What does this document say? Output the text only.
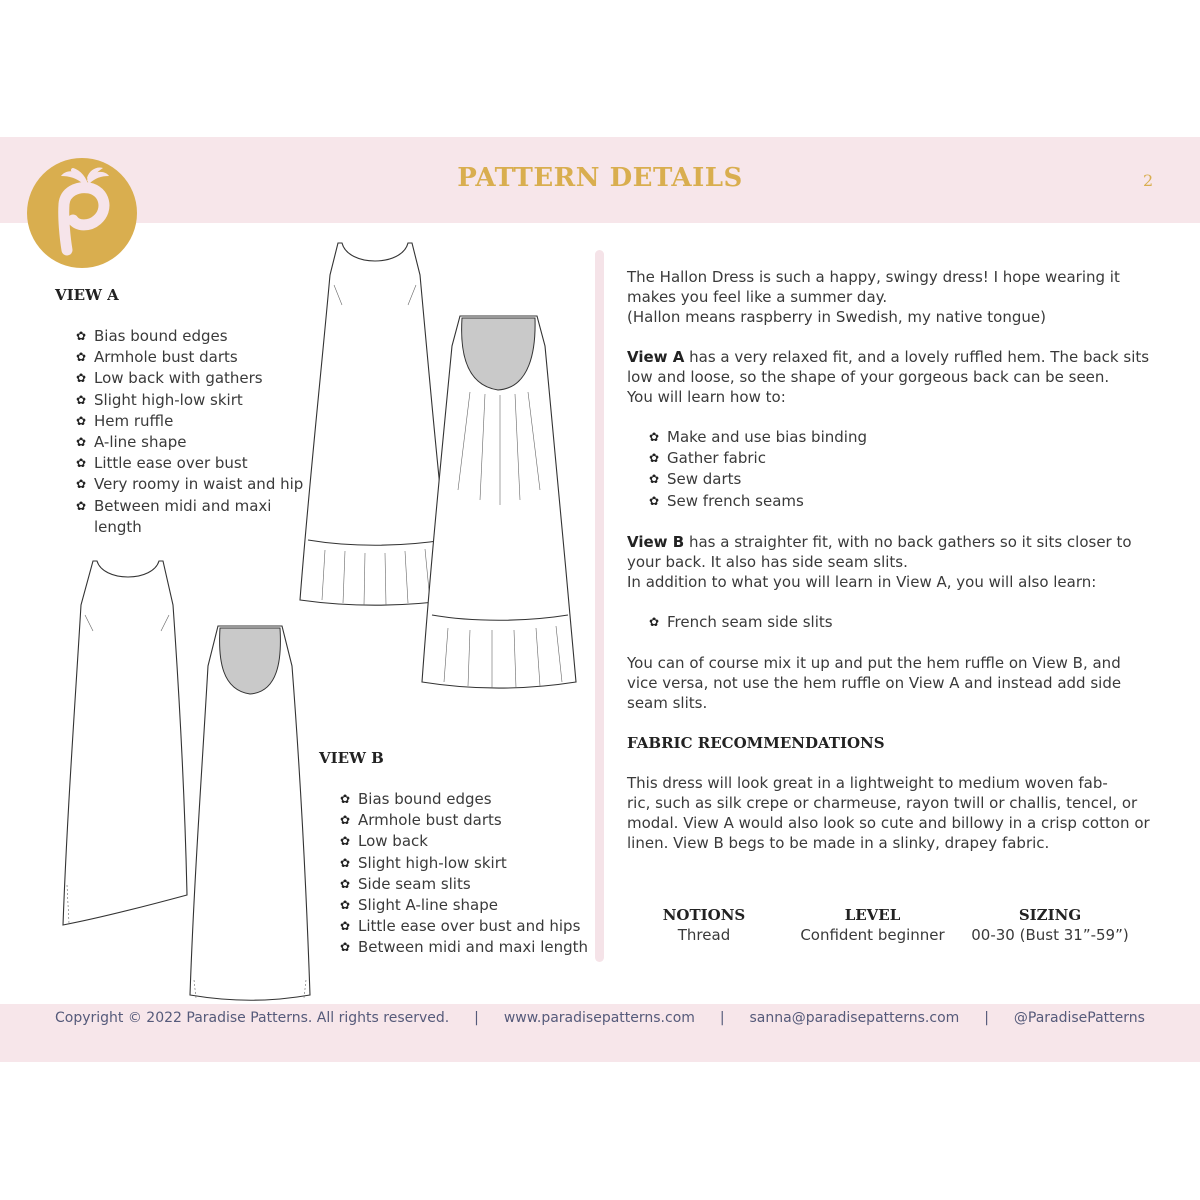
PATTERN DETAILS	2
VIEW A
✿ Bias bound edges
✿ Armhole bust darts
✿ Low back with gathers
✿ Slight high-low skirt
✿ Hem ruffle
✿ A-line shape
✿ Little ease over bust
✿ Very roomy in waist and hip
✿ Between midi and maxi length
VIEW B
✿ Bias bound edges
✿ Armhole bust darts
✿ Low back
✿ Slight high-low skirt
✿ Side seam slits
✿ Slight A-line shape
✿ Little ease over bust and hips
✿ Between midi and maxi length

The Hallon Dress is such a happy, swingy dress! I hope wearing it
makes you feel like a summer day.
(Hallon means raspberry in Swedish, my native tongue)

View A has a very relaxed fit, and a lovely ruffled hem. The back sits
low and loose, so the shape of your gorgeous back can be seen.
You will learn how to:

✿ Make and use bias binding
✿ Gather fabric
✿ Sew darts
✿ Sew french seams

View B has a straighter fit, with no back gathers so it sits closer to
your back. It also has side seam slits.
In addition to what you will learn in View A, you will also learn:

✿ French seam side slits

You can of course mix it up and put the hem ruffle on View B, and
vice versa, not use the hem ruffle on View A and instead add side
seam slits.

FABRIC RECOMMENDATIONS

This dress will look great in a lightweight to medium woven fab-
ric, such as silk crepe or charmeuse, rayon twill or challis, tencel, or
modal. View A would also look so cute and billowy in a crisp cotton or
linen. View B begs to be made in a slinky, drapey fabric.

NOTIONS
Thread
LEVEL
Confident beginner
SIZING
00-30 (Bust 31”-59”)
Copyright © 2022 Paradise Patterns. All rights reserved. | www.paradisepatterns.com | sanna@paradisepatterns.com | @ParadisePatterns
